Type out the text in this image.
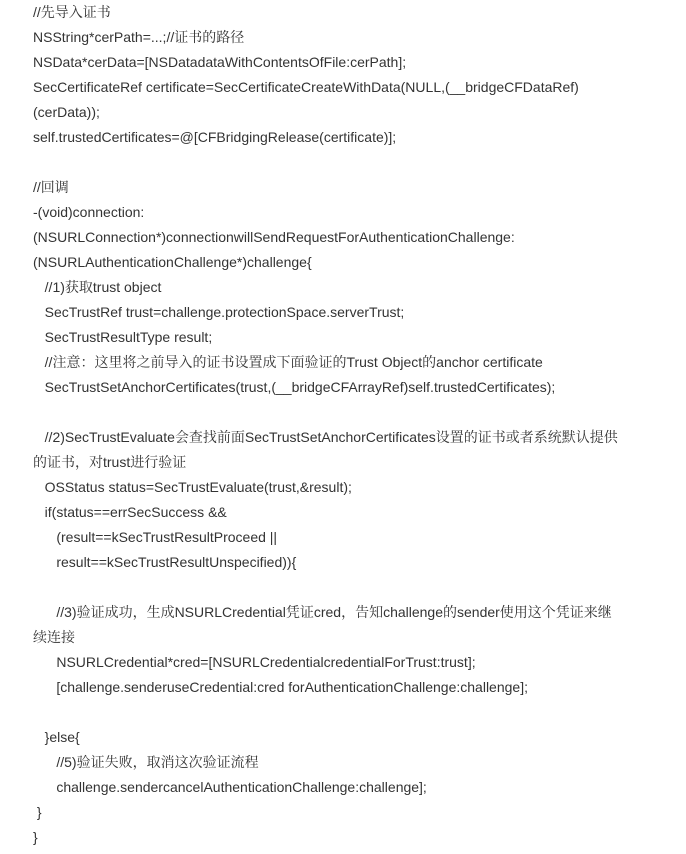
//先导入证书
NSString*cerPath=...;//证书的路径
NSData*cerData=[NSDatadataWithContentsOfFile:cerPath];
SecCertificateRef certificate=SecCertificateCreateWithData(NULL,(__bridgeCFDataRef)
(cerData));
self.trustedCertificates=@[CFBridgingRelease(certificate)];
//回调
-(void)connection:
(NSURLConnection*)connectionwillSendRequestForAuthenticationChallenge:
(NSURLAuthenticationChallenge*)challenge{
//1)获取trust object
SecTrustRef trust=challenge.protectionSpace.serverTrust;
SecTrustResultType result;
//注意：这里将之前导入的证书设置成下面验证的Trust Object的anchor certificate
SecTrustSetAnchorCertificates(trust,(__bridgeCFArrayRef)self.trustedCertificates);
//2)SecTrustEvaluate会查找前面SecTrustSetAnchorCertificates设置的证书或者系统默认提供
的证书，对trust进行验证
OSStatus status=SecTrustEvaluate(trust,&result);
if(status==errSecSuccess &&
(result==kSecTrustResultProceed ||
result==kSecTrustResultUnspecified)){
//3)验证成功，生成NSURLCredential凭证cred，告知challenge的sender使用这个凭证来继
续连接
NSURLCredential*cred=[NSURLCredentialcredentialForTrust:trust];
[challenge.senderuseCredential:cred forAuthenticationChallenge:challenge];
}else{
//5)验证失败，取消这次验证流程
challenge.sendercancelAuthenticationChallenge:challenge];
}
}
